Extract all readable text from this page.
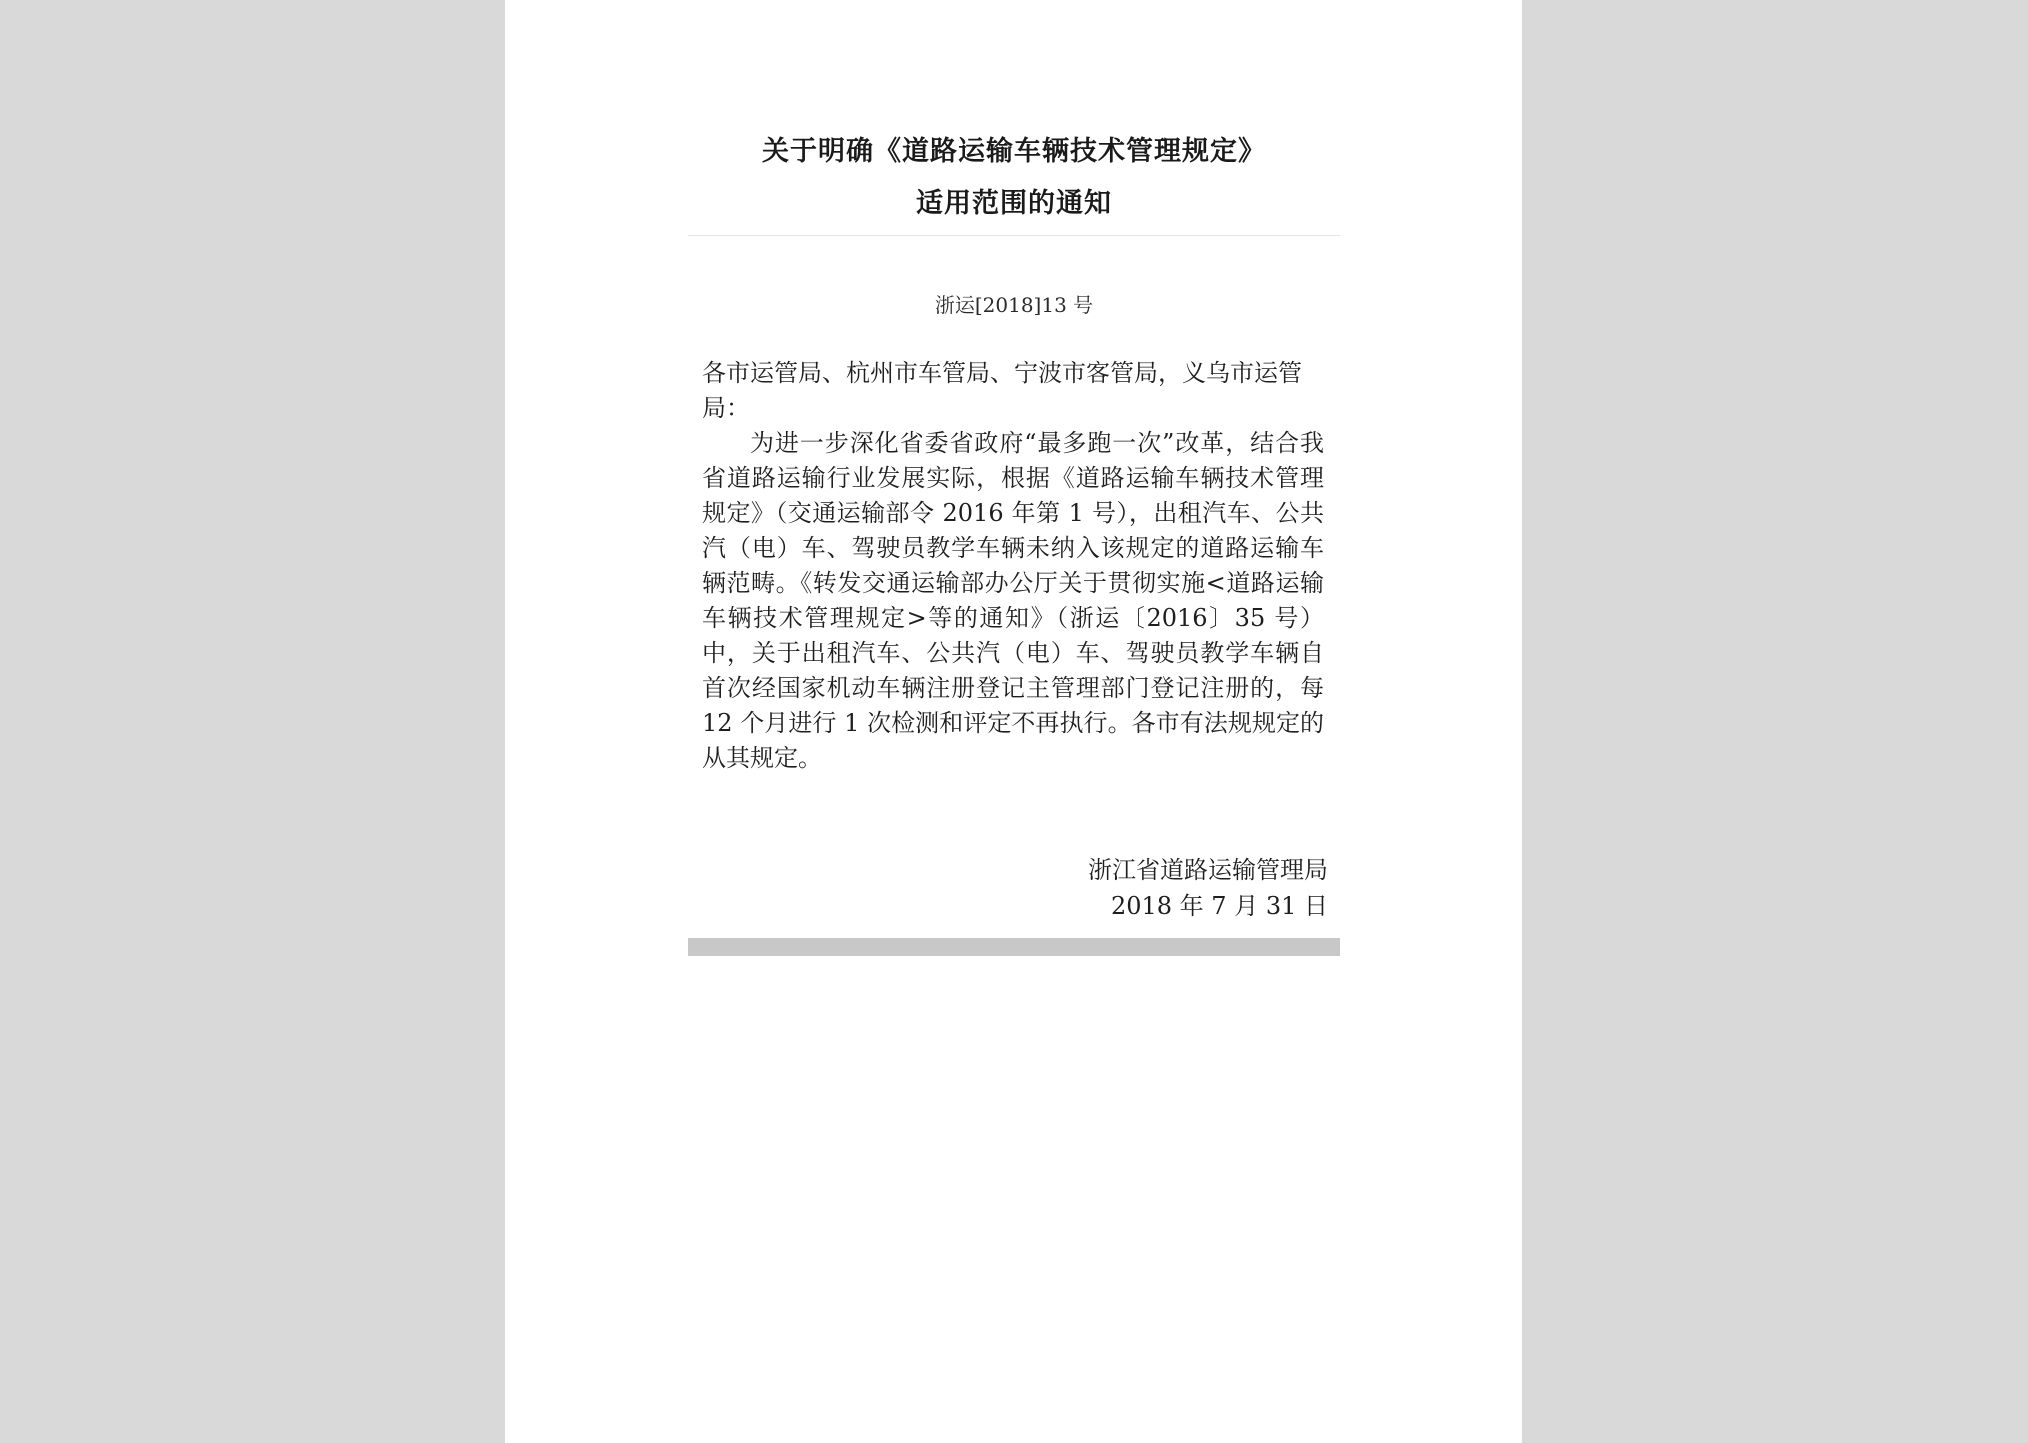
关于明确《道路运输车辆技术管理规定》
适用范围的通知
浙运[2018]13 号
各市运管局、杭州市车管局、宁波市客管局，义乌市运管局：
为进一步深化省委省政府“最多跑一次”改革，结合我省道路运输行业发展实际，根据《道路运输车辆技术管理规定》（交通运输部令 2016 年第 1 号），出租汽车、公共汽（电）车、驾驶员教学车辆未纳入该规定的道路运输车辆范畴。《转发交通运输部办公厅关于贯彻实施<道路运输车辆技术管理规定>等的通知》（浙运〔2016〕35 号）中，关于出租汽车、公共汽（电）车、驾驶员教学车辆自首次经国家机动车辆注册登记主管理部门登记注册的，每 12 个月进行 1 次检测和评定不再执行。各市有法规规定的从其规定。
浙江省道路运输管理局
2018 年 7 月 31 日
